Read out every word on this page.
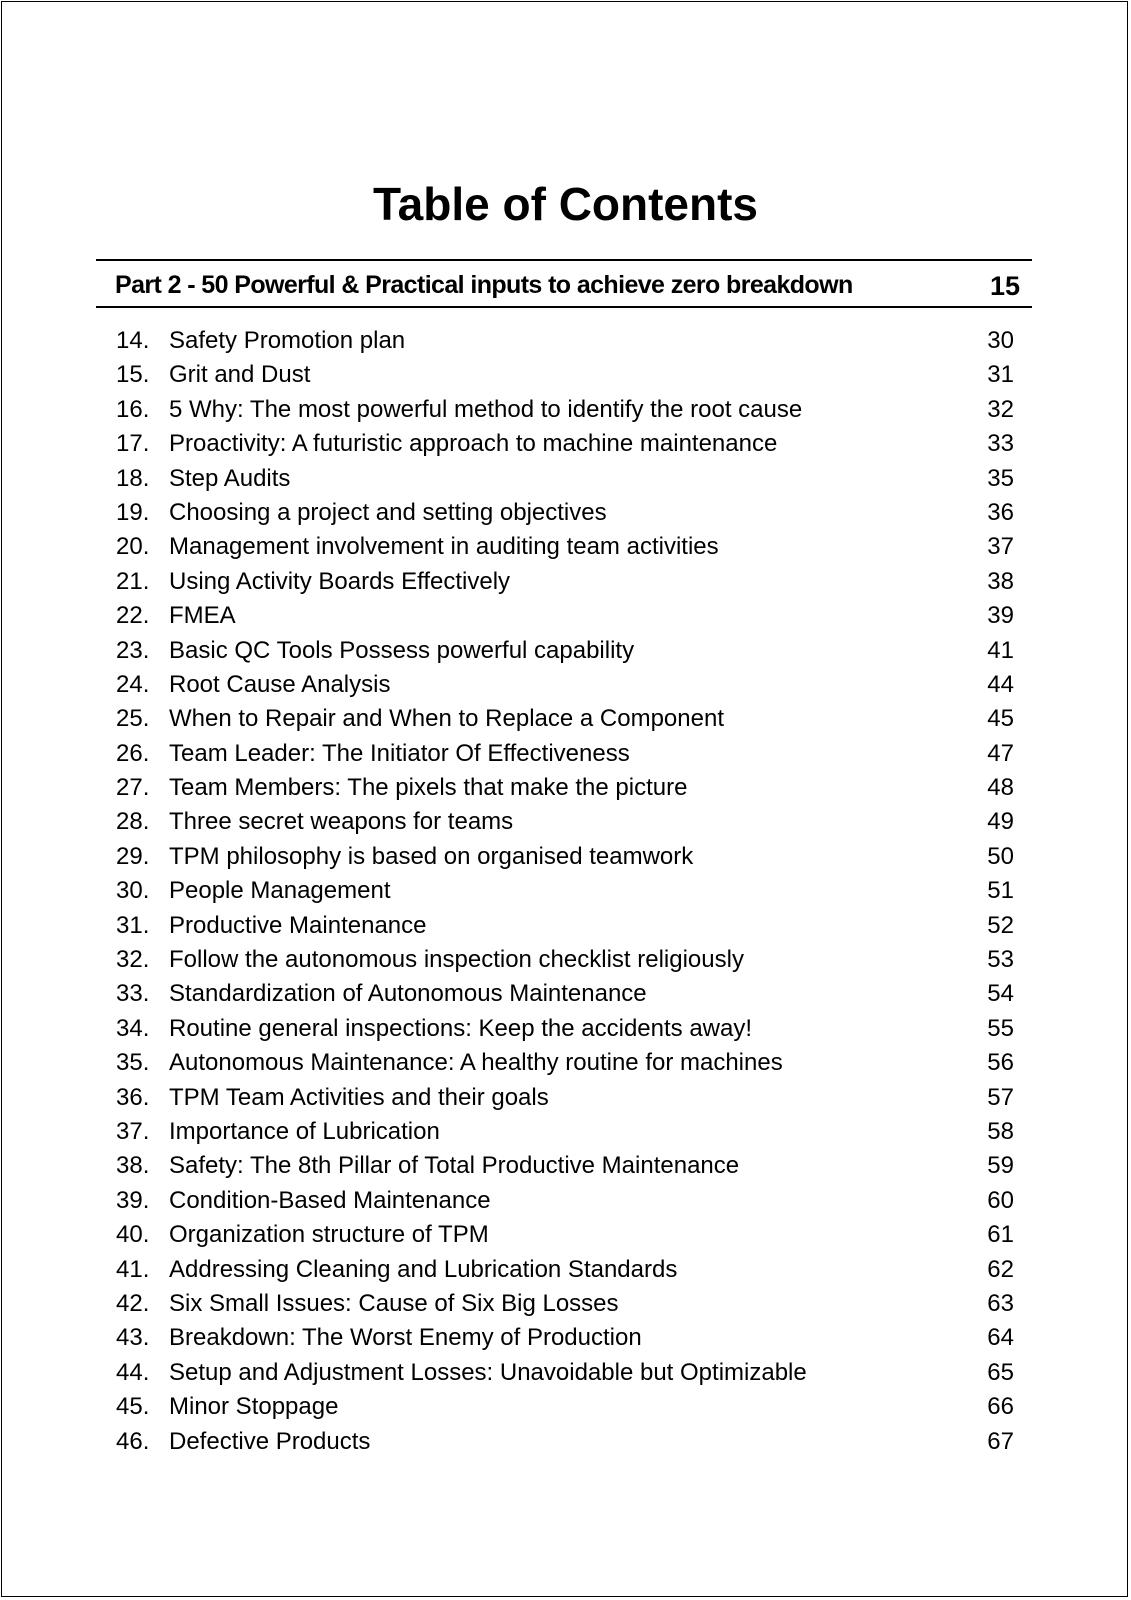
Table of Contents
Part 2 - 50 Powerful & Practical inputs to achieve zero breakdown	15
14. Safety Promotion plan	30
15. Grit and Dust	31
16. 5 Why: The most powerful method to identify the root cause	32
17. Proactivity: A futuristic approach to machine maintenance	33
18. Step Audits	35
19. Choosing a project and setting objectives	36
20. Management involvement in auditing team activities	37
21. Using Activity Boards Effectively	38
22. FMEA	39
23. Basic QC Tools Possess powerful capability	41
24. Root Cause Analysis	44
25. When to Repair and When to Replace a Component	45
26. Team Leader: The Initiator Of Effectiveness	47
27. Team Members: The pixels that make the picture	48
28. Three secret weapons for teams	49
29. TPM philosophy is based on organised teamwork	50
30. People Management	51
31. Productive Maintenance	52
32. Follow the autonomous inspection checklist religiously	53
33. Standardization of Autonomous Maintenance	54
34. Routine general inspections: Keep the accidents away!	55
35. Autonomous Maintenance: A healthy routine for machines	56
36. TPM Team Activities and their goals	57
37. Importance of Lubrication	58
38. Safety: The 8th Pillar of Total Productive Maintenance	59
39. Condition-Based Maintenance	60
40. Organization structure of TPM	61
41. Addressing Cleaning and Lubrication Standards	62
42. Six Small Issues: Cause of Six Big Losses	63
43. Breakdown: The Worst Enemy of Production	64
44. Setup and Adjustment Losses: Unavoidable but Optimizable	65
45. Minor Stoppage	66
46. Defective Products	67
